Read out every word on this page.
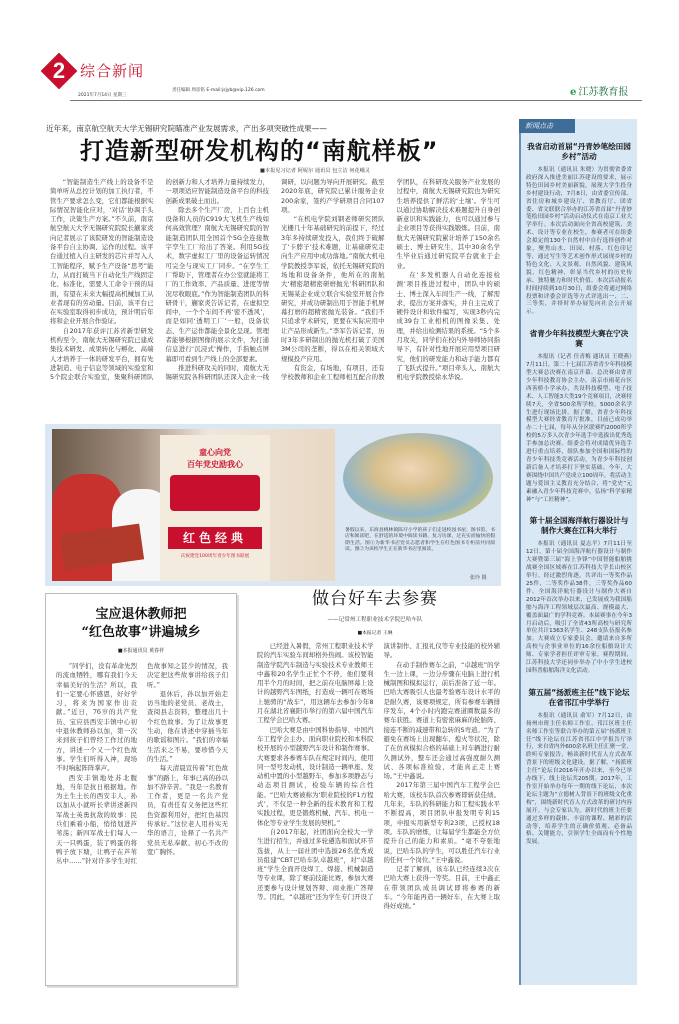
2 综合新闻
2021年7月14日 星期三
责任编辑 周彦铭 E-mail:jsjyb@vip.126.com	e 江苏教育报
近年来，南京航空航天大学无锡研究院瞄准产业发展需求，产出多项突破性成果——
打造新型研发机构的“南航样板”
■本报见习记者 阿妮尔 通讯员 包立洁 何花峨灵

“智能制造生产线上的设备不是简单听从总控计划的加工执行者，不管生产要求怎么变，它们都能根据实际情况智能化应对，‘对话’协调手头工作，决策生产方案。”不久前，南京航空航天大学无锡研究院院长蒯家炎向记者展示了该院研发的智能制造设备平台自主协调、运作的过程。该平台通过植入自主研发的芯片并写入人工智能程序，赋予生产设备“思考”能力，从而打破当下自动化生产线固定化、标准化，需要人工命令干预的局面，有望在未来大幅提高机械加工从业者现有的劳动量。目前，该平台已在实验室取得初步成功，预计明后年将和企业开展合作验证。

自2017年获评江苏省新型研发机构至今，南航大无锡研究院已建成集技术研发、成果转化与孵化、高端人才培养于一体的研发平台，拥有先进制造、电子信息等领域的实验室和5个院企联合实验室，集聚科研团队的创新力和人才培养力量持续发力，一项项适应智能制造设备平台的科技创新成果破土而出。

除去多个生产厂房，上百台主机设备和人员的C919大飞机生产线如何高效管理？南航大无锡研究院的智能制造团队用全国首个5G全连接数字孪生工厂给出了答案。利用5G技术，数字虚拟工厂里的设备运转情况可完全与现实工厂同步。“在孪生工厂帮助下，管理者在办公室就能将工厂的工作效率、产品质量、进度等情况尽收眼底。”作为智能制造团队的科研骨干，蒯家炎告诉记者，在虚拟空间中，一个个车间不再‘密不透风’，而是如同‘透明工厂’一般，设备状态、生产运作都能全景化呈现。管理者能够根据图像的展示文件，为打通信息进行‘沉浸式’操作，手指触点屏幕即可看到生产线上的全部要素。

推进科研攻关的同时，南航大无锡研究院各科研团队还深入企业一线调研，以问题为导向开展研究。截至2020年底，研究院已累计服务企业200余家，签约产学研项目合同107项。

“在机电学院刘钢老师研究团队光栅几十年基础研究的前提下，经过3年多持续研发投入，我们终于破解了‘卡脖子’技术难题，让基础研究走向生产应用中成功落地。”南航大机电学院教授李军说，依托无锡研究院的场地和设备条件，他所在的南航大‘精密超精密研磨抛光’科研团队和无锡某企业成立联合实验室开展合作研究，并成功研制出用于智能手机屏幕打磨的超精密抛光装备。“我们不只追求学术研究，更要在实际应用中让产品形成新生。”李军告诉记者，历时3年多研制出的抛光机打破了美国3M公司的垄断，得以在相关领域大规模投产应用。

有资金，有场地，有项目，还有学校教师和企业工程师相互配合的教学团队，在科研攻关服务产业发展的过程中，南航大无锡研究院也为研究生培养提供了鲜活的‘土壤’。学生可以通过协助解决技术难题提升自身创新意识和实践能力，也可以通过参与企业项目等获得实践锻炼。目前，南航大无锡研究院累计培养了150余名硕士、博士研究生，其中30余名学生毕业后通过研究院平台就业于企业。

在‘多发机器人自动化连接检测’项目推进过程中，团队中的硕士、博士深入车间生产一线，了解需求，提出方案并落实，并自主完成了硬件设计和软件编写，实现3秒内完成39台工业相机的图像采集、处理，并给出检测结果的系统。“5个多月攻关，同学们在校内外导师协同指导下，有针对性地开展应用型项目研究，他们的研发能力和动手能力都有了飞跃式提升。”项目牵头人、南航大机电学院教授徐永华说。

童心向党
百年党史励我心
红色经典
庆祝建党100周年青少年图书联展
暑假以来，东海县桃林镇陈圩小学的孩子们走进校园书屋、图书馆、书店和阅读吧，在舒适的环境中阅读书籍、复习功课，过充实而愉快的假期生活。图①为新华书店党员志愿者和学生在红色图书专柜前共同阅读。图②为该校学生正在新华书店里阅读。
张玲 摄
新闻点击
我省启动首届“丹青妙笔绘田园乡村”活动

本报讯（通讯员 朱晓）为贯彻省委省政府深入推进美丽江苏建设的要求，展示特色田园乡村美丽新貌，展现大学生投身乡村建设行动，7月8日，由省委宣传部、省住房和城乡建设厅、省教育厅、团省委、省文联联合举办的江苏省首届“丹青妙笔绘田园乡村”活动启动仪式在南京工业大学举行。本次活动面向全省高校建筑、美术、设计等专业在校生，参赛者可在组委会拟定的130个自然村中自行选择创作对象，聚焦山水、田园、村落、红色印记等，通过写生等艺术创作形式展现乡村的特色文化、人文景观、自然风貌、建筑风貌、红色精神，彰显当代乡村的历史传承、独特魅力和时代价值。本次活动报名时间持续到10月30日，组委会将通过网络投票和评委会评选等方式评选出一、二、三等奖，并择时举办展览向社会公开展示。

省青少年科技模型大赛在宁决赛

本报讯（记者 任青梅 通讯员 王晓燕）7月11日，第二十七届江苏省青少年科技模型大赛总决赛在南京开幕。总决赛由省青少年科技教育协会主办，南京市雨花台区西善桥小学承办，共设科技模型、电子技术、人工智能3大类19个竞赛项目，决赛持续7天，全省500余所学校、5000余名学生进行现场比拼。据了解，省青少年科技模型大赛经省教育厅批准，目前已成功举办二十七届，每年从分区联赛约2000所学校的5万多人次青少年选手中选拔出优秀选手参加总决赛。组委会将对成绩优异选手进行重点培养，组队参加全国和国际性的青少年科技类竞赛活动，为青少年科技创新后备人才培养打下坚实基础。今年，大赛围绕中国共产党成立100周年，将活动主题与爱国主义教育充分结合，将“党史”元素融入青少年科技竞赛中，弘扬“科学家精神”与“工匠精神”。

第十届全国海洋航行器设计与制作大赛在江科大举行

本报讯（通讯员 夏志平）7月11日至12日，第十届全国海洋航行器设计与制作大赛暨第三届“海上争锋”中国智能船舶挑战赛全国区域赛在江苏科技大学长山校区举行。经过激烈角逐，共评出一等奖作品25件，二等奖作品38件，三等奖作品60件。全国海洋航行器设计与制作大赛自2012年首次举办以来，已发展成为我国船舶与海洋工程领域层次最高、规模最大、覆盖面最广的学科竞赛。本届赛事在今年3月启动后，吸引了全省43所高校与研究所单位共计1363名学生、248支队伍报名参加。大赛成立专家委员会，邀请来自多所高校与企事业单位的16余位船舶设计大师、专家学者担任评审专家。赛程期间，江苏科技大学还同步举办了中小学生进校园科普船舶海洋文化活动。

第五届“扬派班主任”线下论坛在省邗江中学举行

本报讯（通讯员 俞军）7月12日，由扬州市班主任名师工作室、邗江区班主任名师工作室等联合举办的第五届“扬派班主任”线下论坛在江苏省邗江中学报告厅举行，来自省内外600余名班主任汇聚一堂，聆听专家报告，畅谈新时代育人方式改革背景下的班级文化建设。据了解，“扬派班主任”论坛自2016年开办以来，至今已举办线下、线上论坛共205期。2017年，工作室开始举办每年一期的线下论坛，本次论坛主题为“立德树人背景下的班级文化重构”，围绕新时代育人方式改革的研讨内容展开。与会专家认为，新时代的班主任要通过多样的载体、丰富的课程、精彩的活动等，培养学生的正确价值观、必备品格、关键能力，引领学生全面而有个性地发展。

宝应退休教师把
“红色故事”讲遍城乡
■本报通讯员 黄春祥

“同学们，没有革命先烈的流血牺牲，哪有我们今天幸福美好的生活？所以，我们一定要心怀感恩，好好学习，将来为国家作出贡献。”近日，76岁的共产党员、宝应县西安丰镇中心初中退休教师孙以加，第一次来到孩子们曾经工作过的地方，讲述一个又一个红色故事。学生们听得入神，现场不时响起阵阵掌声。

西安丰镇地处苏北腹地，当年是抗日根据地。作为土生土长的西安丰人，孙以加从小就听长辈讲述新四军战士英勇抗敌的故事：民兵们乘着小船，悄悄划进芦苇荡；新四军战士们每人一天一只鸭蛋，装了鸭蛋的将鸭子放下塘，让鸭子在芦苇丛中……“针对许多学生对红色故事知之甚少的情况，我决定把这些故事讲给孩子们听。”

退休后，孙以加开始走访当地的老党员、老战士，查阅县志资料，整理出几十个红色故事。为了让故事更生动，他在讲述中穿插当年的歌谣和图片。“我们的幸福生活来之不易，要珍惜今天的生活。”

每天清晨宣传着“红色故事”的路上，年事已高的孙以加不辞辛苦。“我是一名教育工作者，更是一名共产党员，有责任有义务把这些红色资源利用好，把红色基因传承好。”这位老人用朴实无华的语言，诠释了一名共产党员无私奉献、初心不改的宽广胸怀。

做台好车去参赛
——记常州工程职业技术学院巴哈车队
■本报记者 王琳

已经进入暑假，常州工程职业技术学院的汽车实验车间却格外热闹。该校智能制造学院汽车制造与实验技术专业教师王中鑫和20名学生正忙个不停，他们要利用半个月的时间，把之前在电脑屏幕上设计的越野汽车图纸，打造成一辆可在赛场上驰骋的“战车”，用这辆车去参加今年8月在湖北省襄阳市举行的第六届中国汽车工程学会巴哈大赛。

巴哈大赛是由中国科协指导、中国汽车工程学会主办、面向职业院校和本科院校开展的小型越野汽车设计和制作赛事。大赛要求各参赛车队在规定时间内，使用同一型号发动机，设计制造一辆单座、发动机中置的小型越野车，参加多项静态与动态项目测试，检验车辆的综合性能。“巴哈大赛被称为‘职业院校的F1方程式’，不仅是一种全新的技术教育和工程实践过程，更是锻炼机械、汽车、机电一体化等专业学生发展的契机。”

自2017年起，社团面向全校大一学生进行招生，并通过多轮遴选和面试环节选拔，从上一届社团中选拔26名优秀成员组建“CBT巴哈车队卓越班”，对“卓越班”学生全面开设焊工、焊接、机械制造等专业课，除了赛前技能比赛，参加大赛还要参与设计规划答辩、商业推广答辩等。因此，“卓越班”还为学生专门开设了演讲制作、汇报礼仪等专业技能的校外辅导。

在动手制作赛车之前，“卓越班”的学生一边上课，一边分步骤在电脑上进行机械制图和模拟运行，前后准备了近一年。巴哈大赛吸引人也最考验赛车设计水平的是耐久赛，该赛项规定，所有参赛车辆排序发车，4个小时内跑完赛道圈数最多的赛车获胜。赛道上有密密麻麻的轮胎阵、接连不断的减速带和急转的S弯道。“为了避免在赛场上出现翻车、熄火等状况，除了在仿真模拟合格的基础上对车辆进行耐久测试外，整车还会通过高强度耐久测试、各项标准检验，才能真正走上赛场。”王中鑫说。

2017年第三届中国汽车工程学会巴哈大赛，该校车队首次参赛即斩获佳绩。几年来，车队的科研能力和工程实践水平不断提高，项目团队申报发明专利15项，申报实用新型专利23项，已授权18项。车队的磨炼，让每届学生都能全方位提升自己的能力和素质。“毫不夸张地说，巴哈车队的学生，可以胜任汽车行业的任何一个岗位。”王中鑫说。

记者了解到，该车队已经连续3次在巴哈大赛上获得一等奖。目前，王中鑫正在带领团队成员调试即将参赛的新车。“今年能再造一辆好车，在大赛上取得好成绩。”
